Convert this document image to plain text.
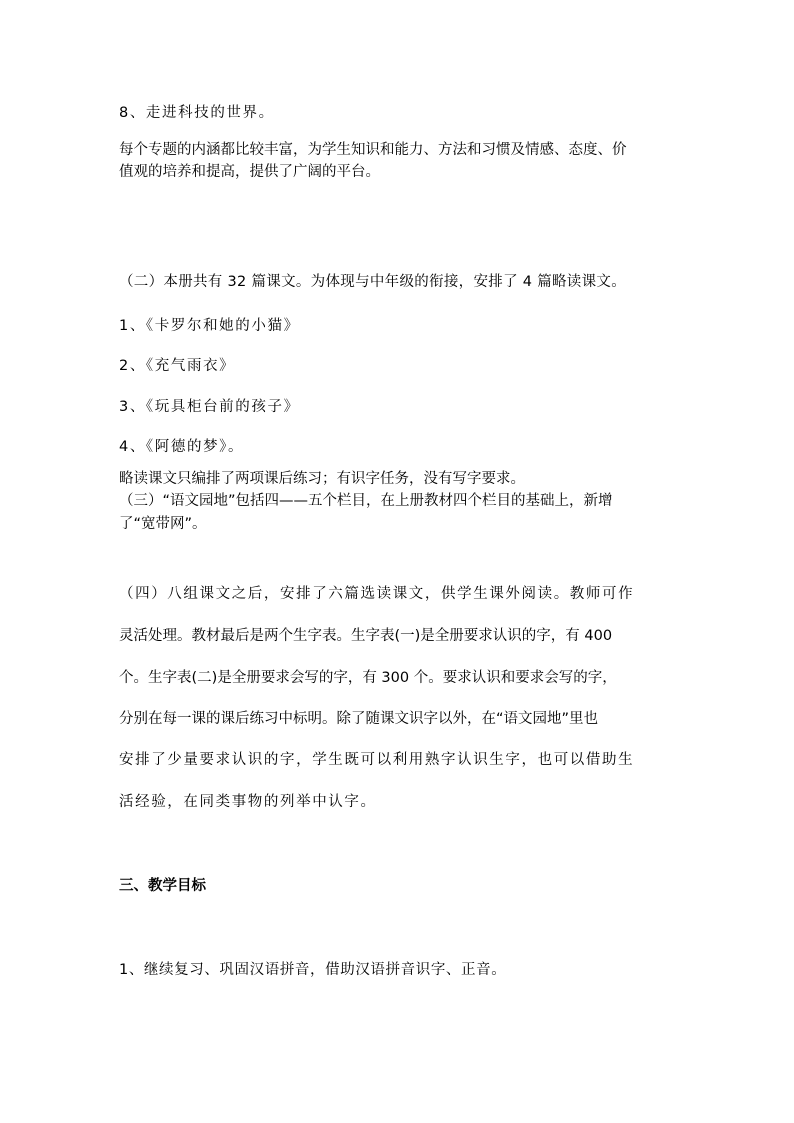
8、走进科技的世界。
每个专题的内涵都比较丰富，为学生知识和能力、方法和习惯及情感、态度、价
值观的培养和提高，提供了广阔的平台。
（二）本册共有 32 篇课文。为体现与中年级的衔接，安排了 4 篇略读课文。
1、《卡罗尔和她的小猫》
2、《充气雨衣》
3、《玩具柜台前的孩子》
4、《阿德的梦》。
略读课文只编排了两项课后练习；有识字任务，没有写字要求。
（三）“语文园地”包括四——五个栏目，在上册教材四个栏目的基础上，新增
了“宽带网”。
（四）八组课文之后，安排了六篇选读课文，供学生课外阅读。教师可作
灵活处理。教材最后是两个生字表。生字表(一)是全册要求认识的字，有 400
个。生字表(二)是全册要求会写的字，有 300 个。要求认识和要求会写的字，
分别在每一课的课后练习中标明。除了随课文识字以外，在“语文园地”里也
安排了少量要求认识的字，学生既可以利用熟字认识生字，也可以借助生
活经验，在同类事物的列举中认字。
三、教学目标
1、继续复习、巩固汉语拼音，借助汉语拼音识字、正音。
